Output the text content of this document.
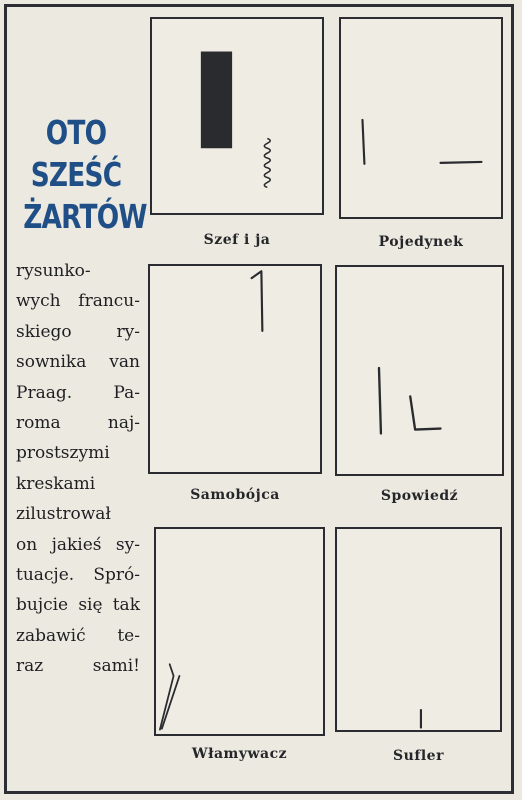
OTO
SZEŚĆ
ŻARTÓW
rysunko-
wych francu-
skiego ry-
sownika van
Praag. Pa-
roma naj-
prostszymi
kreskami
zilustrował
on jakieś sy-
tuacje. Spró-
bujcie się tak
zabawić te-
raz sami!
Szef i ja	Pojedynek
Samobójca	Spowiedź
Włamywacz	Sufler
